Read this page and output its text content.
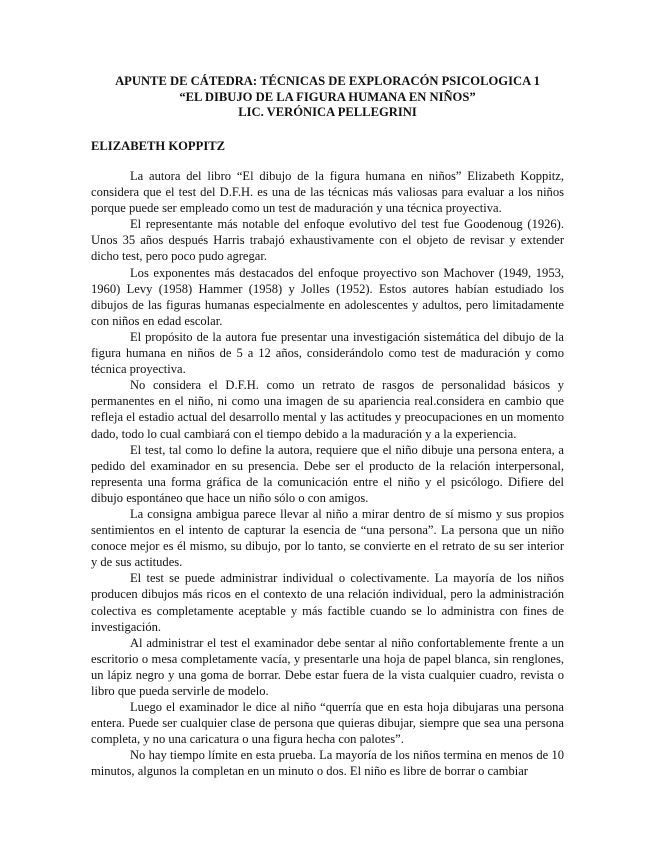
APUNTE DE CÁTEDRA: TÉCNICAS DE EXPLORACÓN PSICOLOGICA 1
“EL DIBUJO DE LA FIGURA HUMANA EN NIÑOS”
LIC. VERÓNICA PELLEGRINI
ELIZABETH KOPPITZ

La autora del libro “El dibujo de la figura humana en niños” Elizabeth Koppitz, considera que el test del D.F.H. es una de las técnicas más valiosas para evaluar a los niños porque puede ser empleado como un test de maduración y una técnica proyectiva.

El representante más notable del enfoque evolutivo del test fue Goodenoug (1926). Unos 35 años después Harris trabajó exhaustivamente con el objeto de revisar y extender dicho test, pero poco pudo agregar.

Los exponentes más destacados del enfoque proyectivo son Machover (1949, 1953, 1960) Levy (1958) Hammer (1958) y Jolles (1952). Estos autores habían estudiado los dibujos de las figuras humanas especialmente en adolescentes y adultos, pero limitadamente con niños en edad escolar.

El propósito de la autora fue presentar una investigación sistemática del dibujo de la figura humana en niños de 5 a 12 años, considerándolo como test de maduración y como técnica proyectiva.

No considera el D.F.H. como un retrato de rasgos de personalidad básicos y permanentes en el niño, ni como una imagen de su apariencia real.considera en cambio que refleja el estadio actual del desarrollo mental y las actitudes y preocupaciones en un momento dado, todo lo cual cambiará con el tiempo debido a la maduración y a la experiencia.

El test, tal como lo define la autora, requiere que el niño dibuje una persona entera, a pedido del examinador en su presencia. Debe ser el producto de la relación interpersonal, representa una forma gráfica de la comunicación entre el niño y el psicólogo. Difiere del dibujo espontáneo que hace un niño sólo o con amigos.

La consigna ambigua parece llevar al niño a mirar dentro de sí mismo y sus propios sentimientos en el intento de capturar la esencia de “una persona”. La persona que un niño conoce mejor es él mismo, su dibujo, por lo tanto, se convierte en el retrato de su ser interior y de sus actitudes.

El test se puede administrar individual o colectivamente. La mayoría de los niños producen dibujos más ricos en el contexto de una relación individual, pero la administración colectiva es completamente aceptable y más factible cuando se lo administra con fines de investigación.

Al administrar el test el examinador debe sentar al niño confortablemente frente a un escritorio o mesa completamente vacía, y presentarle una hoja de papel blanca, sin renglones, un lápiz negro y una goma de borrar. Debe estar fuera de la vista cualquier cuadro, revista o libro que pueda servirle de modelo.

Luego el examinador le dice al niño “querría que en esta hoja dibujaras una persona entera. Puede ser cualquier clase de persona que quieras dibujar, siempre que sea una persona completa, y no una caricatura o una figura hecha con palotes”.

No hay tiempo límite en esta prueba. La mayoría de los niños termina en menos de 10 minutos, algunos la completan en un minuto o dos. El niño es libre de borrar o cambiar
